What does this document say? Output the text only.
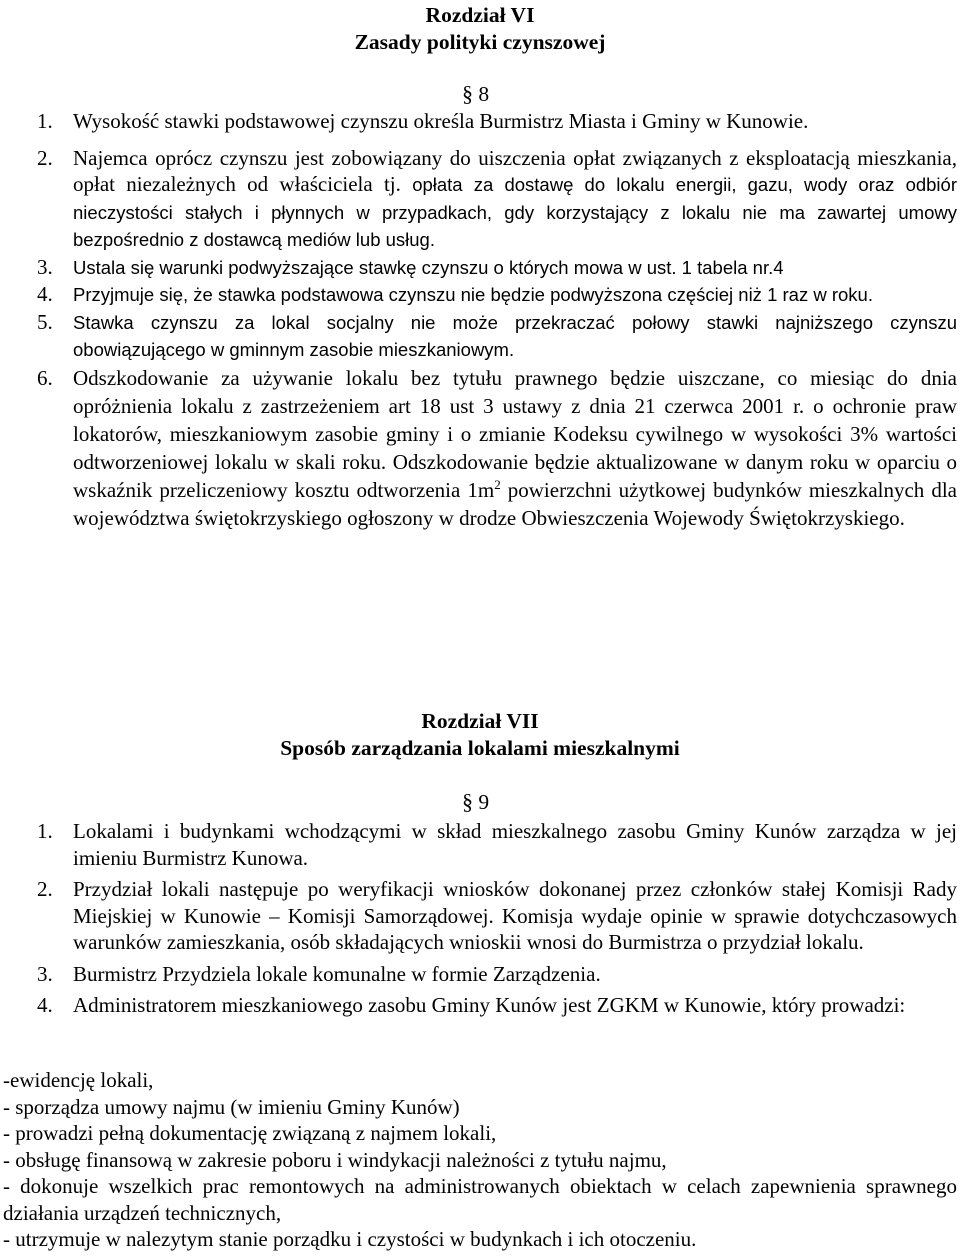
Rozdział VI
Zasady polityki czynszowej
§ 8
1. Wysokość stawki podstawowej czynszu określa Burmistrz Miasta i Gminy w Kunowie.
2. Najemca oprócz czynszu jest zobowiązany do uiszczenia opłat związanych z eksploatacją mieszkania, opłat niezależnych od właściciela tj. opłata za dostawę do lokalu energii, gazu, wody oraz odbiór nieczystości stałych i płynnych w przypadkach, gdy korzystający z lokalu nie ma zawartej umowy bezpośrednio z dostawcą mediów lub usług.
3. Ustala się warunki podwyższające stawkę czynszu o których mowa w ust. 1 tabela nr.4
4. Przyjmuje się, że stawka podstawowa czynszu nie będzie podwyższona częściej niż 1 raz w roku.
5. Stawka czynszu za lokal socjalny nie może przekraczać połowy stawki najniższego czynszu obowiązującego w gminnym zasobie mieszkaniowym.
6. Odszkodowanie za używanie lokalu bez tytułu prawnego będzie uiszczane, co miesiąc do dnia opróżnienia lokalu z zastrzeżeniem art 18 ust 3 ustawy z dnia 21 czerwca 2001 r. o ochronie praw lokatorów, mieszkaniowym zasobie gminy i o zmianie Kodeksu cywilnego w wysokości 3% wartości odtworzeniowej lokalu w skali roku. Odszkodowanie będzie aktualizowane w danym roku w oparciu o wskaźnik przeliczeniowy kosztu odtworzenia $1m^2$ powierzchni użytkowej budynków mieszkalnych dla województwa świętokrzyskiego ogłoszony w drodze Obwieszczenia Wojewody Świętokrzyskiego.
Rozdział VII
Sposób zarządzania lokalami mieszkalnymi
§ 9
1. Lokalami i budynkami wchodzącymi w skład mieszkalnego zasobu Gminy Kunów zarządza w jej imieniu Burmistrz Kunowa.
2. Przydział lokali następuje po weryfikacji wniosków dokonanej przez członków stałej Komisji Rady Miejskiej w Kunowie – Komisji Samorządowej. Komisja wydaje opinie w sprawie dotychczasowych warunków zamieszkania, osób składających wnioskii wnosi do Burmistrza o przydział lokalu.
3. Burmistrz Przydziela lokale komunalne w formie Zarządzenia.
4. Administratorem mieszkaniowego zasobu Gminy Kunów jest ZGKM w Kunowie, który prowadzi:
-ewidencję lokali,
- sporządza umowy najmu (w imieniu Gminy Kunów)
- prowadzi pełną dokumentację związaną z najmem lokali,
- obsługę finansową w zakresie poboru i windykacji należności z tytułu najmu,
- dokonuje wszelkich prac remontowych na administrowanych obiektach w celach zapewnienia sprawnego działania urządzeń technicznych,
- utrzymuje w nalezytym stanie porządku i czystości w budynkach i ich otoczeniu.
